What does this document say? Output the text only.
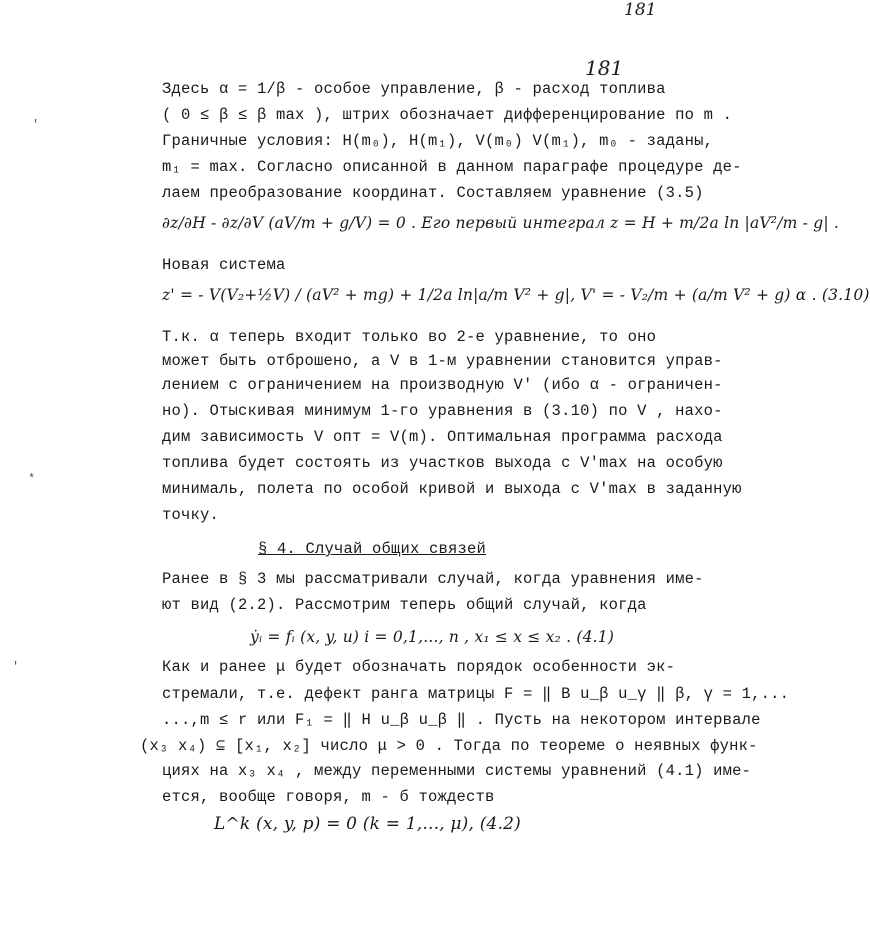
181
181
'
*
'
Здесь α = 1/β - особое управление, β - расход топлива
( 0 ≤ β ≤ β max ), штрих обозначает дифференцирование по m .
Граничные условия: H(m₀), H(m₁), V(m₀) V(m₁), m₀ - заданы,
m₁ = max. Согласно описанной в данном параграфе процедуре де-
лаем преобразование координат. Составляем уравнение (3.5)
∂z/∂H - ∂z/∂V (aV/m + g/V) = 0 . Его первый интеграл z = H + m/2a ln |aV²/m - g| .
Новая система
z' = - V(V₂+½V) / (aV² + mg) + 1/2a ln|a/m V² + g|, V' = - V₂/m + (a/m V² + g) α . (3.10)
Т.к. α теперь входит только во 2-е уравнение, то оно
может быть отброшено, а V в 1-м уравнении становится управ-
лением с ограничением на производную V' (ибо α - ограничен-
но). Отыскивая минимум 1-го уравнения в (3.10) по V , нахо-
дим зависимость V опт = V(m). Оптимальная программа расхода
топлива будет состоять из участков выхода с V'max на особую
минималь, полета по особой кривой и выхода с V'max в заданную
точку.
§ 4. Случай общих связей
Ранее в § 3 мы рассматривали случай, когда уравнения име-
ют вид (2.2). Рассмотрим теперь общий случай, когда
ẏᵢ = fᵢ (x, y, u) i = 0,1,..., n , x₁ ≤ x ≤ x₂ . (4.1)
Как и ранее μ будет обозначать порядок особенности эк-
стремали, т.е. дефект ранга матрицы F = ‖ B u_β u_γ ‖ β, γ = 1,...
...,m ≤ r или F₁ = ‖ H u_β u_β ‖ . Пусть на некотором интервале
(x₃ x₄) ⊆ [x₁, x₂] число μ > 0 . Тогда по теореме о неявных функ-
циях на x₃ x₄ , между переменными системы уравнений (4.1) име-
ется, вообще говоря, m - б тождеств
L^k (x, y, p) = 0 (k = 1,..., μ), (4.2)
